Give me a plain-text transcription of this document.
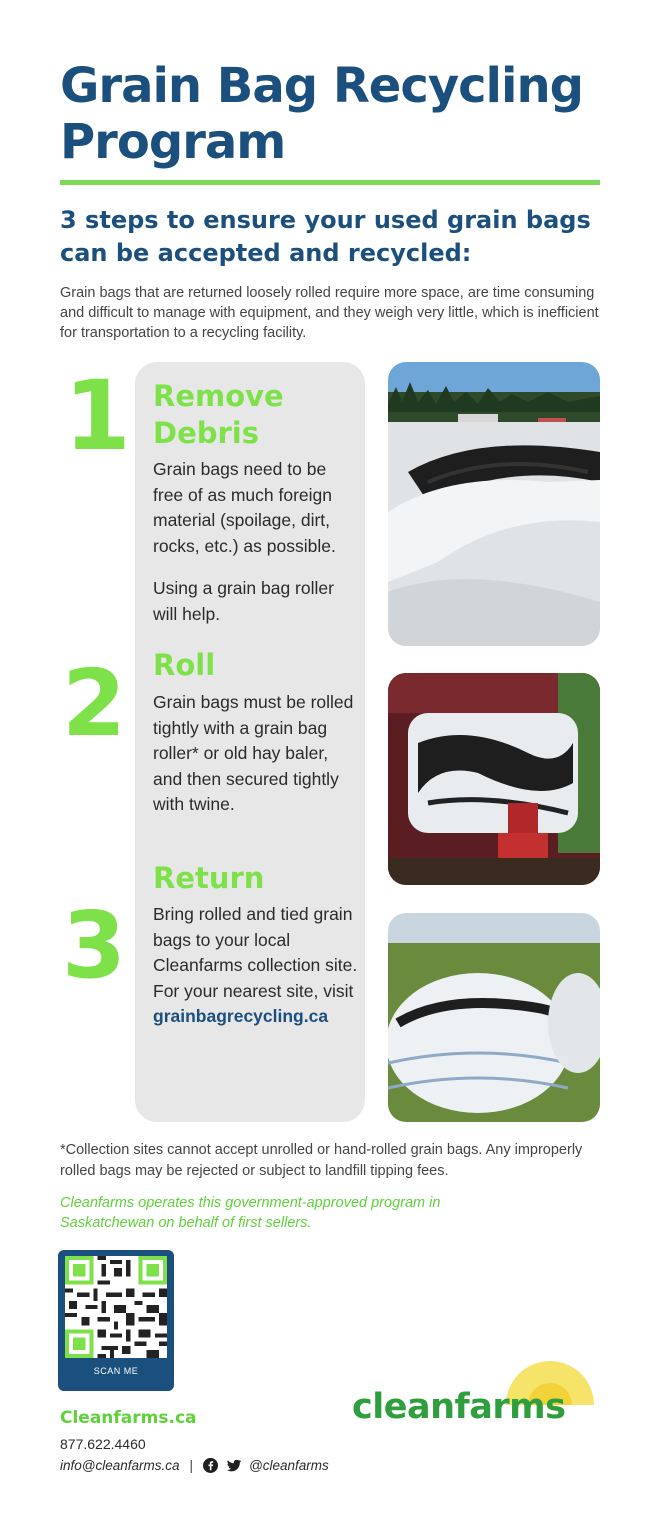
Grain Bag Recycling Program
3 steps to ensure your used grain bags can be accepted and recycled:

Grain bags that are returned loosely rolled require more space, are time consuming and difficult to manage with equipment, and they weigh very little, which is inefficient for transportation to a recycling facility.

1
2
3
Remove Debris

Grain bags need to be free of as much foreign material (spoilage, dirt, rocks, etc.) as possible.

Using a grain bag roller will help.

Roll

Grain bags must be rolled tightly with a grain bag roller* or old hay baler, and then secured tightly with twine.

Return

Bring rolled and tied grain bags to your local Cleanfarms collection site. For your nearest site, visit grainbagrecycling.ca

*Collection sites cannot accept unrolled or hand-rolled grain bags. Any improperly rolled bags may be rejected or subject to landfill tipping fees.

Cleanfarms operates this government-approved program in Saskatchewan on behalf of first sellers.

SCAN ME
Cleanfarms.ca
877.622.4460
info@cleanfarms.ca |	@cleanfarms
cleanfarms
